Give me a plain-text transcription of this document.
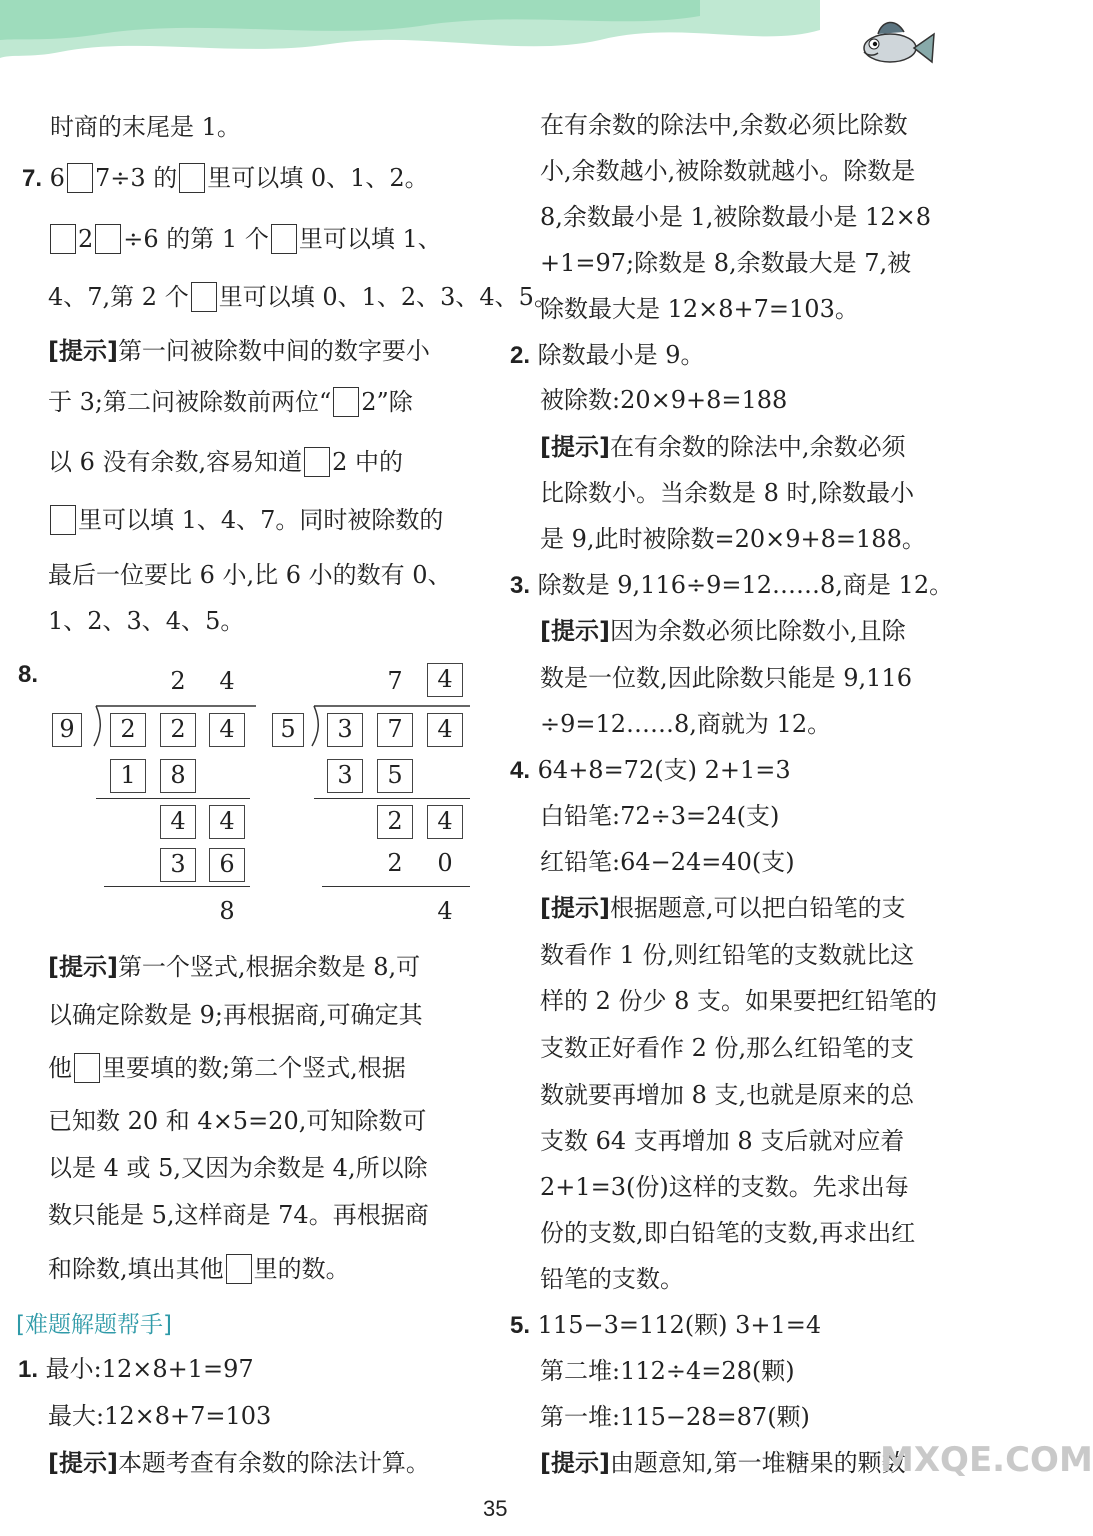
时商的末尾是 1。
7. 6 7÷3 的 里可以填 0、1、2。
2 ÷6 的第 1 个 里可以填 1、
4、7,第 2 个 里可以填 0、1、2、3、4、5。
[提示]第一问被除数中间的数字要小
于 3;第二问被除数前两位“ 2”除
以 6 没有余数,容易知道 2 中的
里可以填 1、4、7。同时被除数的
最后一位要比 6 小,比 6 小的数有 0、
1、2、3、4、5。
8.	2	4
9	2	2	4
1	8
4	4
3	6
8
7	4
5	3	7	4
3	5
2	4
2	0
4
[提示]第一个竖式,根据余数是 8,可
以确定除数是 9;再根据商,可确定其
他 里要填的数;第二个竖式,根据
已知数 20 和 4×5=20,可知除数可
以是 4 或 5,又因为余数是 4,所以除
数只能是 5,这样商是 74。再根据商
和除数,填出其他 里的数。
[难题解题帮手]
1. 最小:12×8+1=97
最大:12×8+7=103
[提示]本题考查有余数的除法计算。
在有余数的除法中,余数必须比除数
小,余数越小,被除数就越小。除数是
8,余数最小是 1,被除数最小是 12×8
+1=97;除数是 8,余数最大是 7,被
除数最大是 12×8+7=103。
2. 除数最小是 9。
被除数:20×9+8=188
[提示]在有余数的除法中,余数必须
比除数小。当余数是 8 时,除数最小
是 9,此时被除数=20×9+8=188。
3. 除数是 9,116÷9=12……8,商是 12。
[提示]因为余数必须比除数小,且除
数是一位数,因此除数只能是 9,116
÷9=12……8,商就为 12。
4. 64+8=72(支) 2+1=3
白铅笔:72÷3=24(支)
红铅笔:64−24=40(支)
[提示]根据题意,可以把白铅笔的支
数看作 1 份,则红铅笔的支数就比这
样的 2 份少 8 支。如果要把红铅笔的
支数正好看作 2 份,那么红铅笔的支
数就要再增加 8 支,也就是原来的总
支数 64 支再增加 8 支后就对应着
2+1=3(份)这样的支数。先求出每
份的支数,即白铅笔的支数,再求出红
铅笔的支数。
5. 115−3=112(颗) 3+1=4
第二堆:112÷4=28(颗)
第一堆:115−28=87(颗)
[提示]由题意知,第一堆糖果的颗数
MXQE.COM
35
